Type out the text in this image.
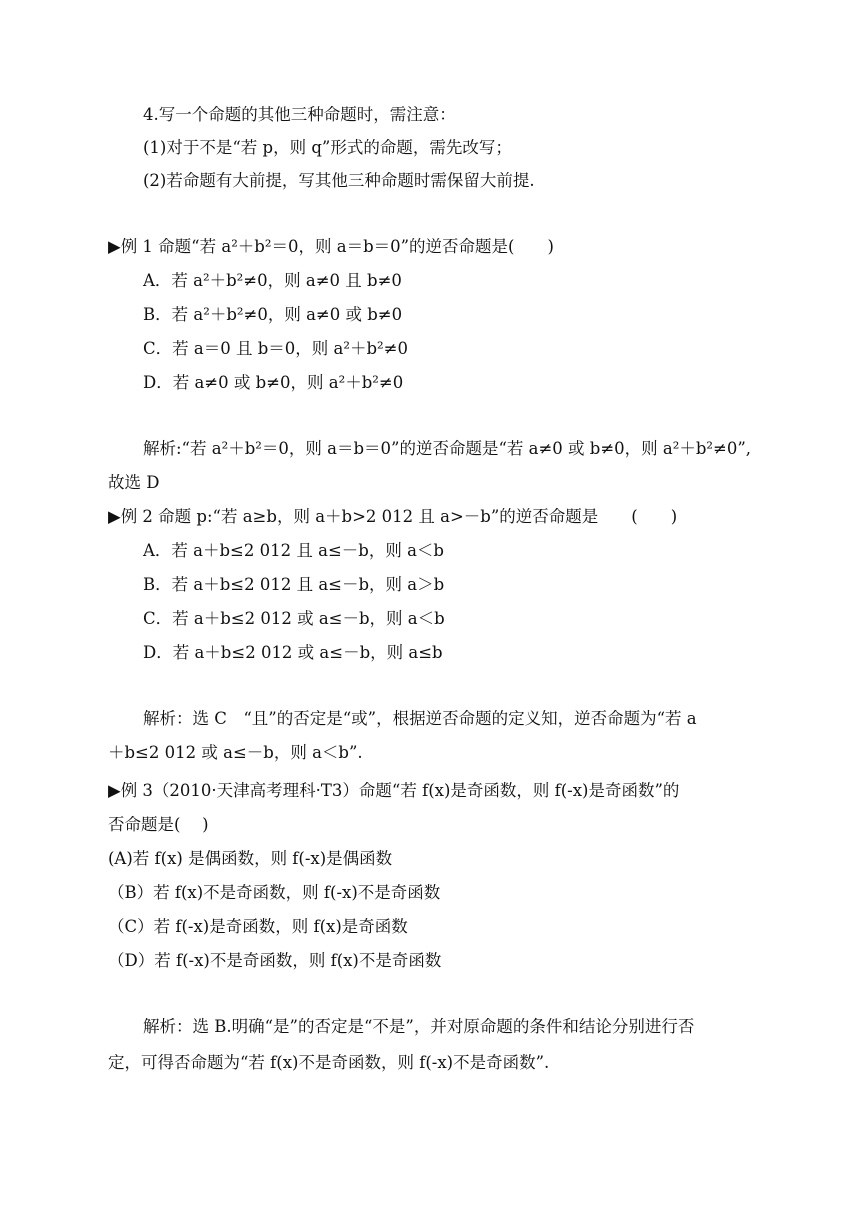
4.写一个命题的其他三种命题时，需注意：
(1)对于不是“若 p，则 q”形式的命题，需先改写；
(2)若命题有大前提，写其他三种命题时需保留大前提.
▶例 1 命题“若 a²＋b²＝0，则 a＝b＝0”的逆否命题是(　　)
A．若 a²＋b²≠0，则 a≠0 且 b≠0
B．若 a²＋b²≠0，则 a≠0 或 b≠0
C．若 a＝0 且 b＝0，则 a²＋b²≠0
D．若 a≠0 或 b≠0，则 a²＋b²≠0
解析:“若 a²＋b²＝0，则 a＝b＝0”的逆否命题是“若 a≠0 或 b≠0，则 a²＋b²≠0”,
故选 D
▶例 2 命题 p:“若 a≥b，则 a＋b>2 012 且 a>－b”的逆否命题是　　(　　)
A．若 a＋b≤2 012 且 a≤－b，则 a＜b
B．若 a＋b≤2 012 且 a≤－b，则 a＞b
C．若 a＋b≤2 012 或 a≤－b，则 a＜b
D．若 a＋b≤2 012 或 a≤－b，则 a≤b
解析：选 C　“且”的否定是“或”，根据逆否命题的定义知，逆否命题为“若 a
＋b≤2 012 或 a≤－b，则 a＜b”.
▶例 3（2010·天津高考理科·T3）命题“若 f(x)是奇函数，则 f(-x)是奇函数”的
否命题是(　 )
(A)若 f(x) 是偶函数，则 f(-x)是偶函数
（B）若 f(x)不是奇函数，则 f(-x)不是奇函数
（C）若 f(-x)是奇函数，则 f(x)是奇函数
（D）若 f(-x)不是奇函数，则 f(x)不是奇函数
解析：选 B.明确“是”的否定是“不是”，并对原命题的条件和结论分别进行否
定，可得否命题为“若 f(x)不是奇函数，则 f(-x)不是奇函数”.
